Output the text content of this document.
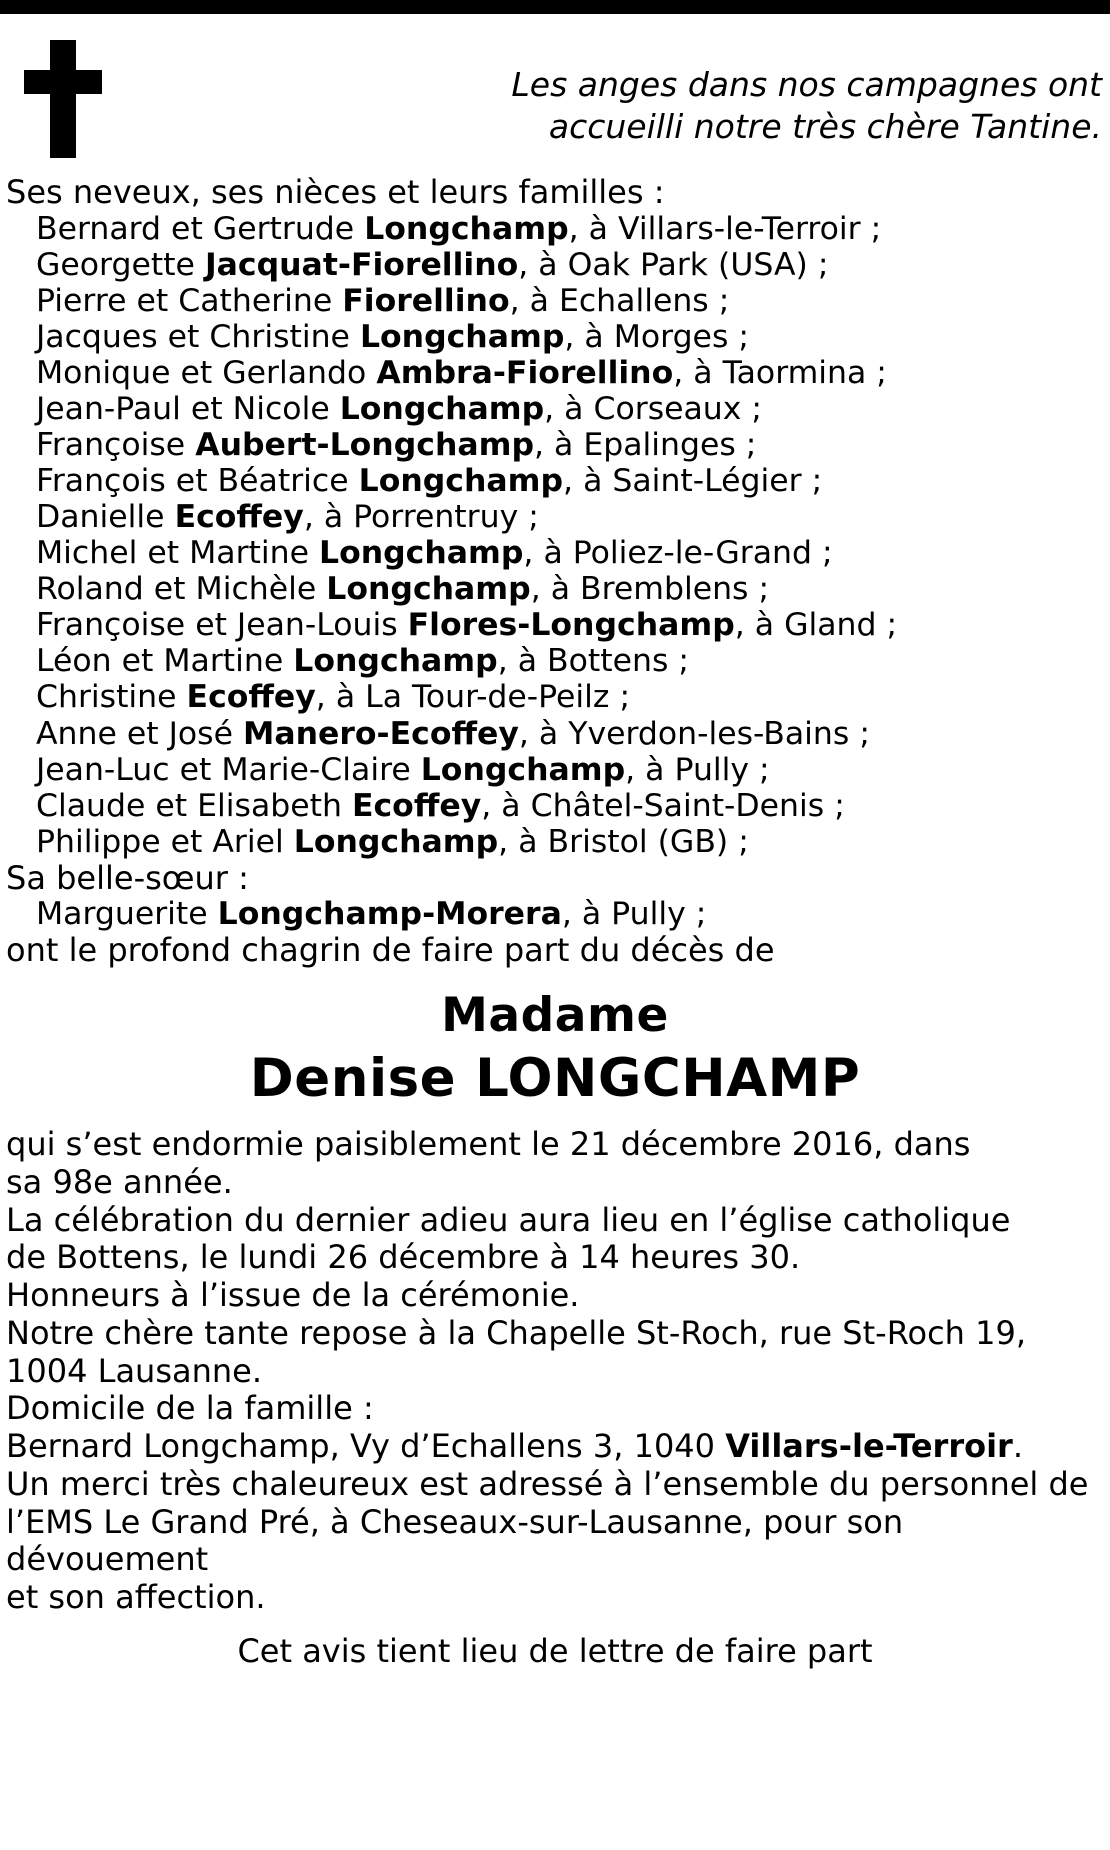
Les anges dans nos campagnes ont
accueilli notre très chère Tantine.
Ses neveux, ses nièces et leurs familles :
Bernard et Gertrude Longchamp, à Villars-le-Terroir ;
Georgette Jacquat-Fiorellino, à Oak Park (USA) ;
Pierre et Catherine Fiorellino, à Echallens ;
Jacques et Christine Longchamp, à Morges ;
Monique et Gerlando Ambra-Fiorellino, à Taormina ;
Jean-Paul et Nicole Longchamp, à Corseaux ;
Françoise Aubert-Longchamp, à Epalinges ;
François et Béatrice Longchamp, à Saint-Légier ;
Danielle Ecoffey, à Porrentruy ;
Michel et Martine Longchamp, à Poliez-le-Grand ;
Roland et Michèle Longchamp, à Bremblens ;
Françoise et Jean-Louis Flores-Longchamp, à Gland ;
Léon et Martine Longchamp, à Bottens ;
Christine Ecoffey, à La Tour-de-Peilz ;
Anne et José Manero-Ecoffey, à Yverdon-les-Bains ;
Jean-Luc et Marie-Claire Longchamp, à Pully ;
Claude et Elisabeth Ecoffey, à Châtel-Saint-Denis ;
Philippe et Ariel Longchamp, à Bristol (GB) ;
Sa belle-sœur :
Marguerite Longchamp-Morera, à Pully ;
ont le profond chagrin de faire part du décès de
Madame
Denise LONGCHAMP

qui s’est endormie paisiblement le 21 décembre 2016, dans

sa 98e année.

La célébration du dernier adieu aura lieu en l’église catholique

de Bottens, le lundi 26 décembre à 14 heures 30.

Honneurs à l’issue de la cérémonie.

Notre chère tante repose à la Chapelle St-Roch, rue St-Roch 19,

1004 Lausanne.

Domicile de la famille :

Bernard Longchamp, Vy d’Echallens 3, 1040 Villars-le-Terroir.

Un merci très chaleureux est adressé à l’ensemble du personnel de

l’EMS Le Grand Pré, à Cheseaux-sur-Lausanne, pour son dévouement

et son affection.

Cet avis tient lieu de lettre de faire part
